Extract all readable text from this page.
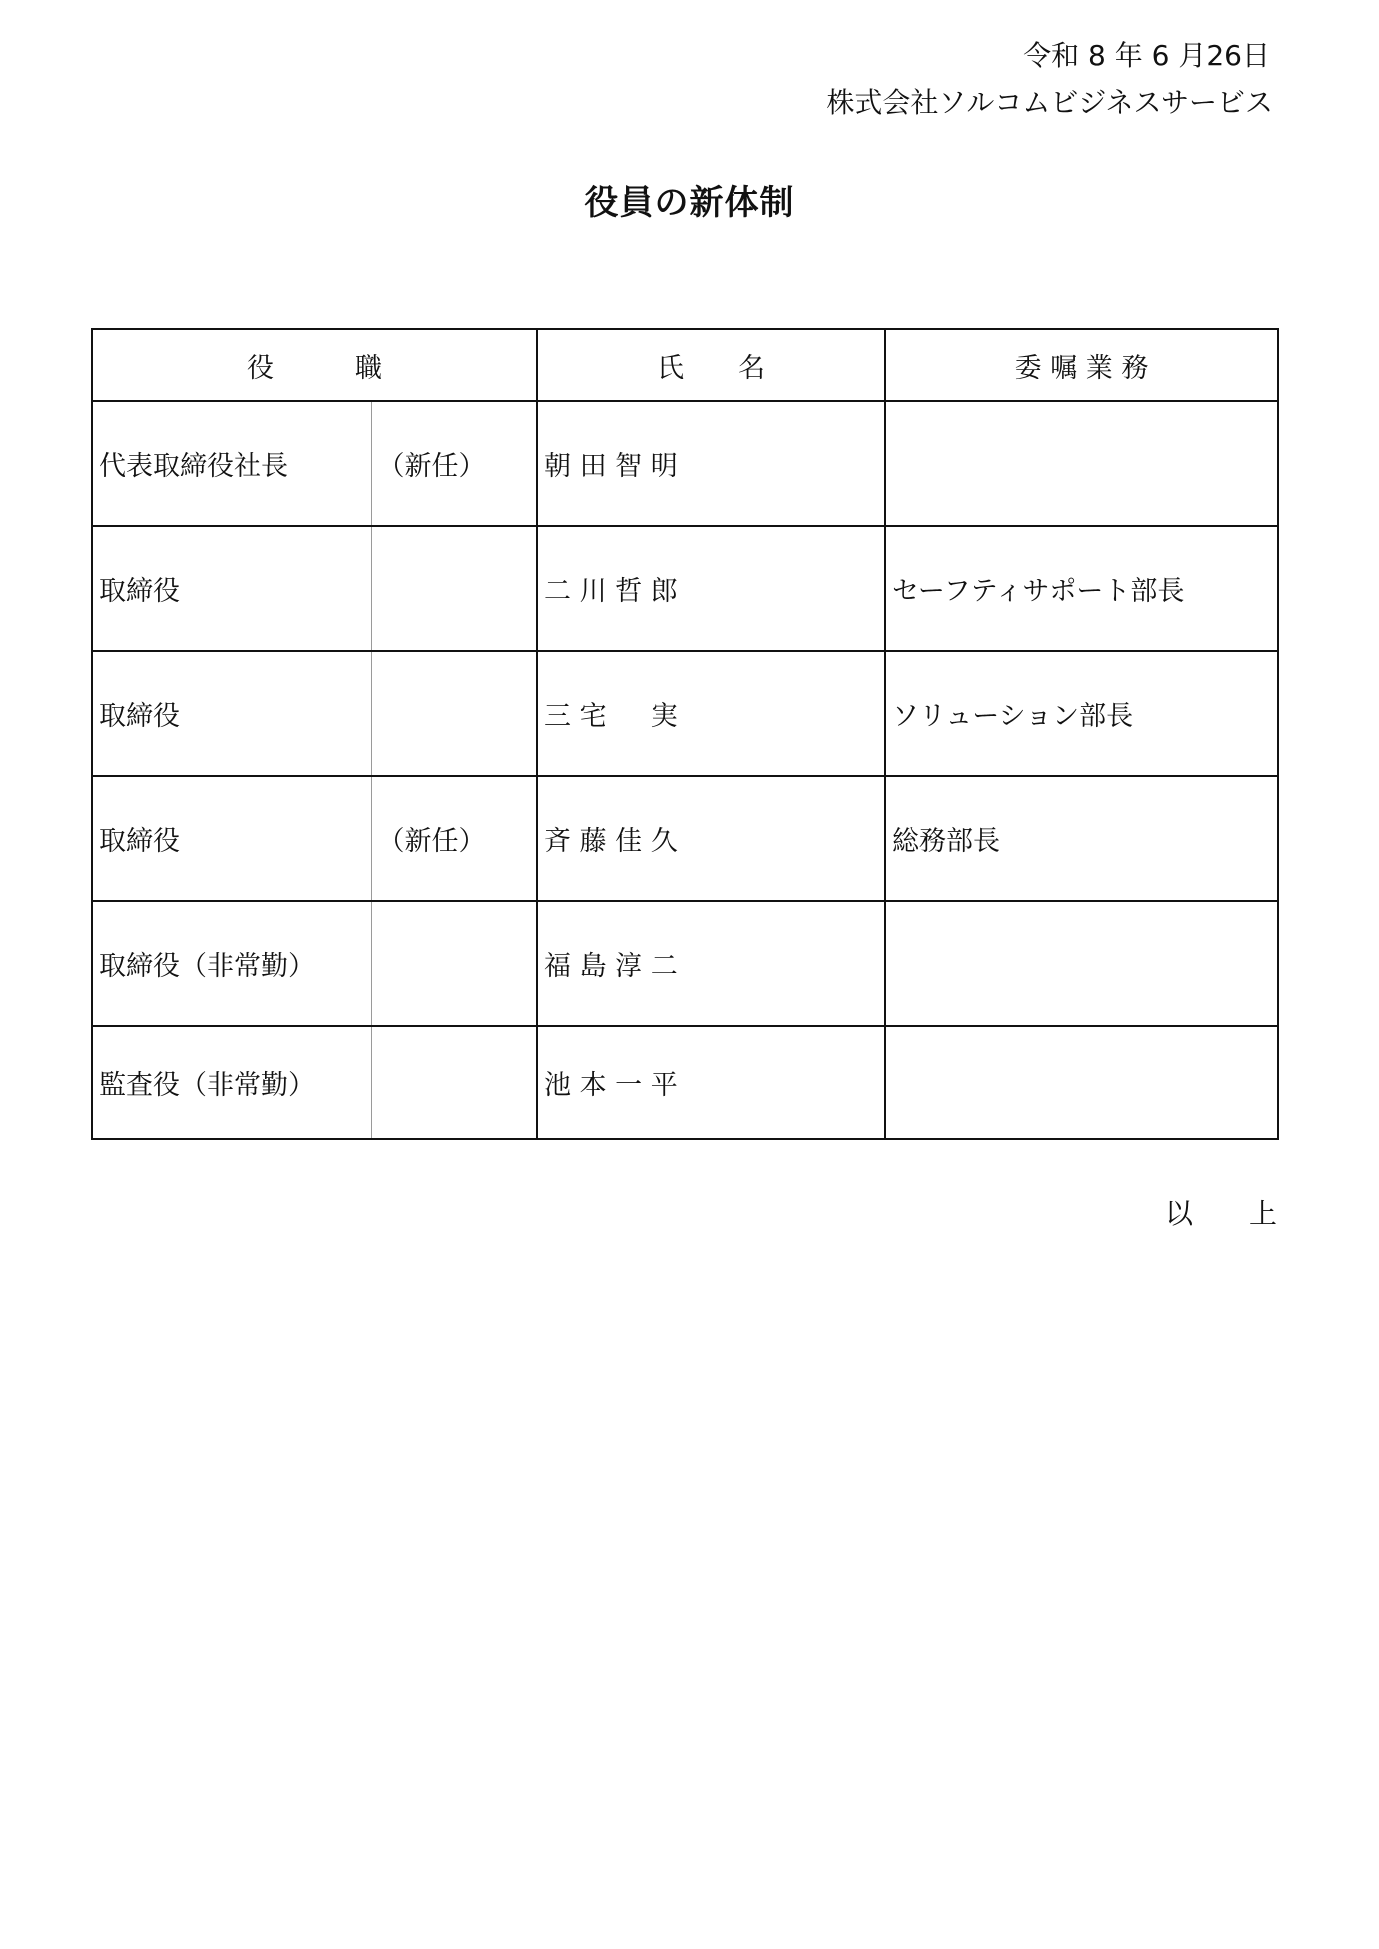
令和 8 年 6 月26日
株式会社ソルコムビジネスサービス
役員の新体制
役　　　職		氏　　名	委 嘱 業 務
代表取締役社長	（新任）	朝 田 智 明	
取締役		二 川 哲 郎	セーフティサポート部長
取締役		三 宅 　 実	ソリューション部長
取締役	（新任）	斉 藤 佳 久	総務部長
取締役（非常勤）		福 島 淳 二	
監査役（非常勤）		池 本 一 平	
以　　上
